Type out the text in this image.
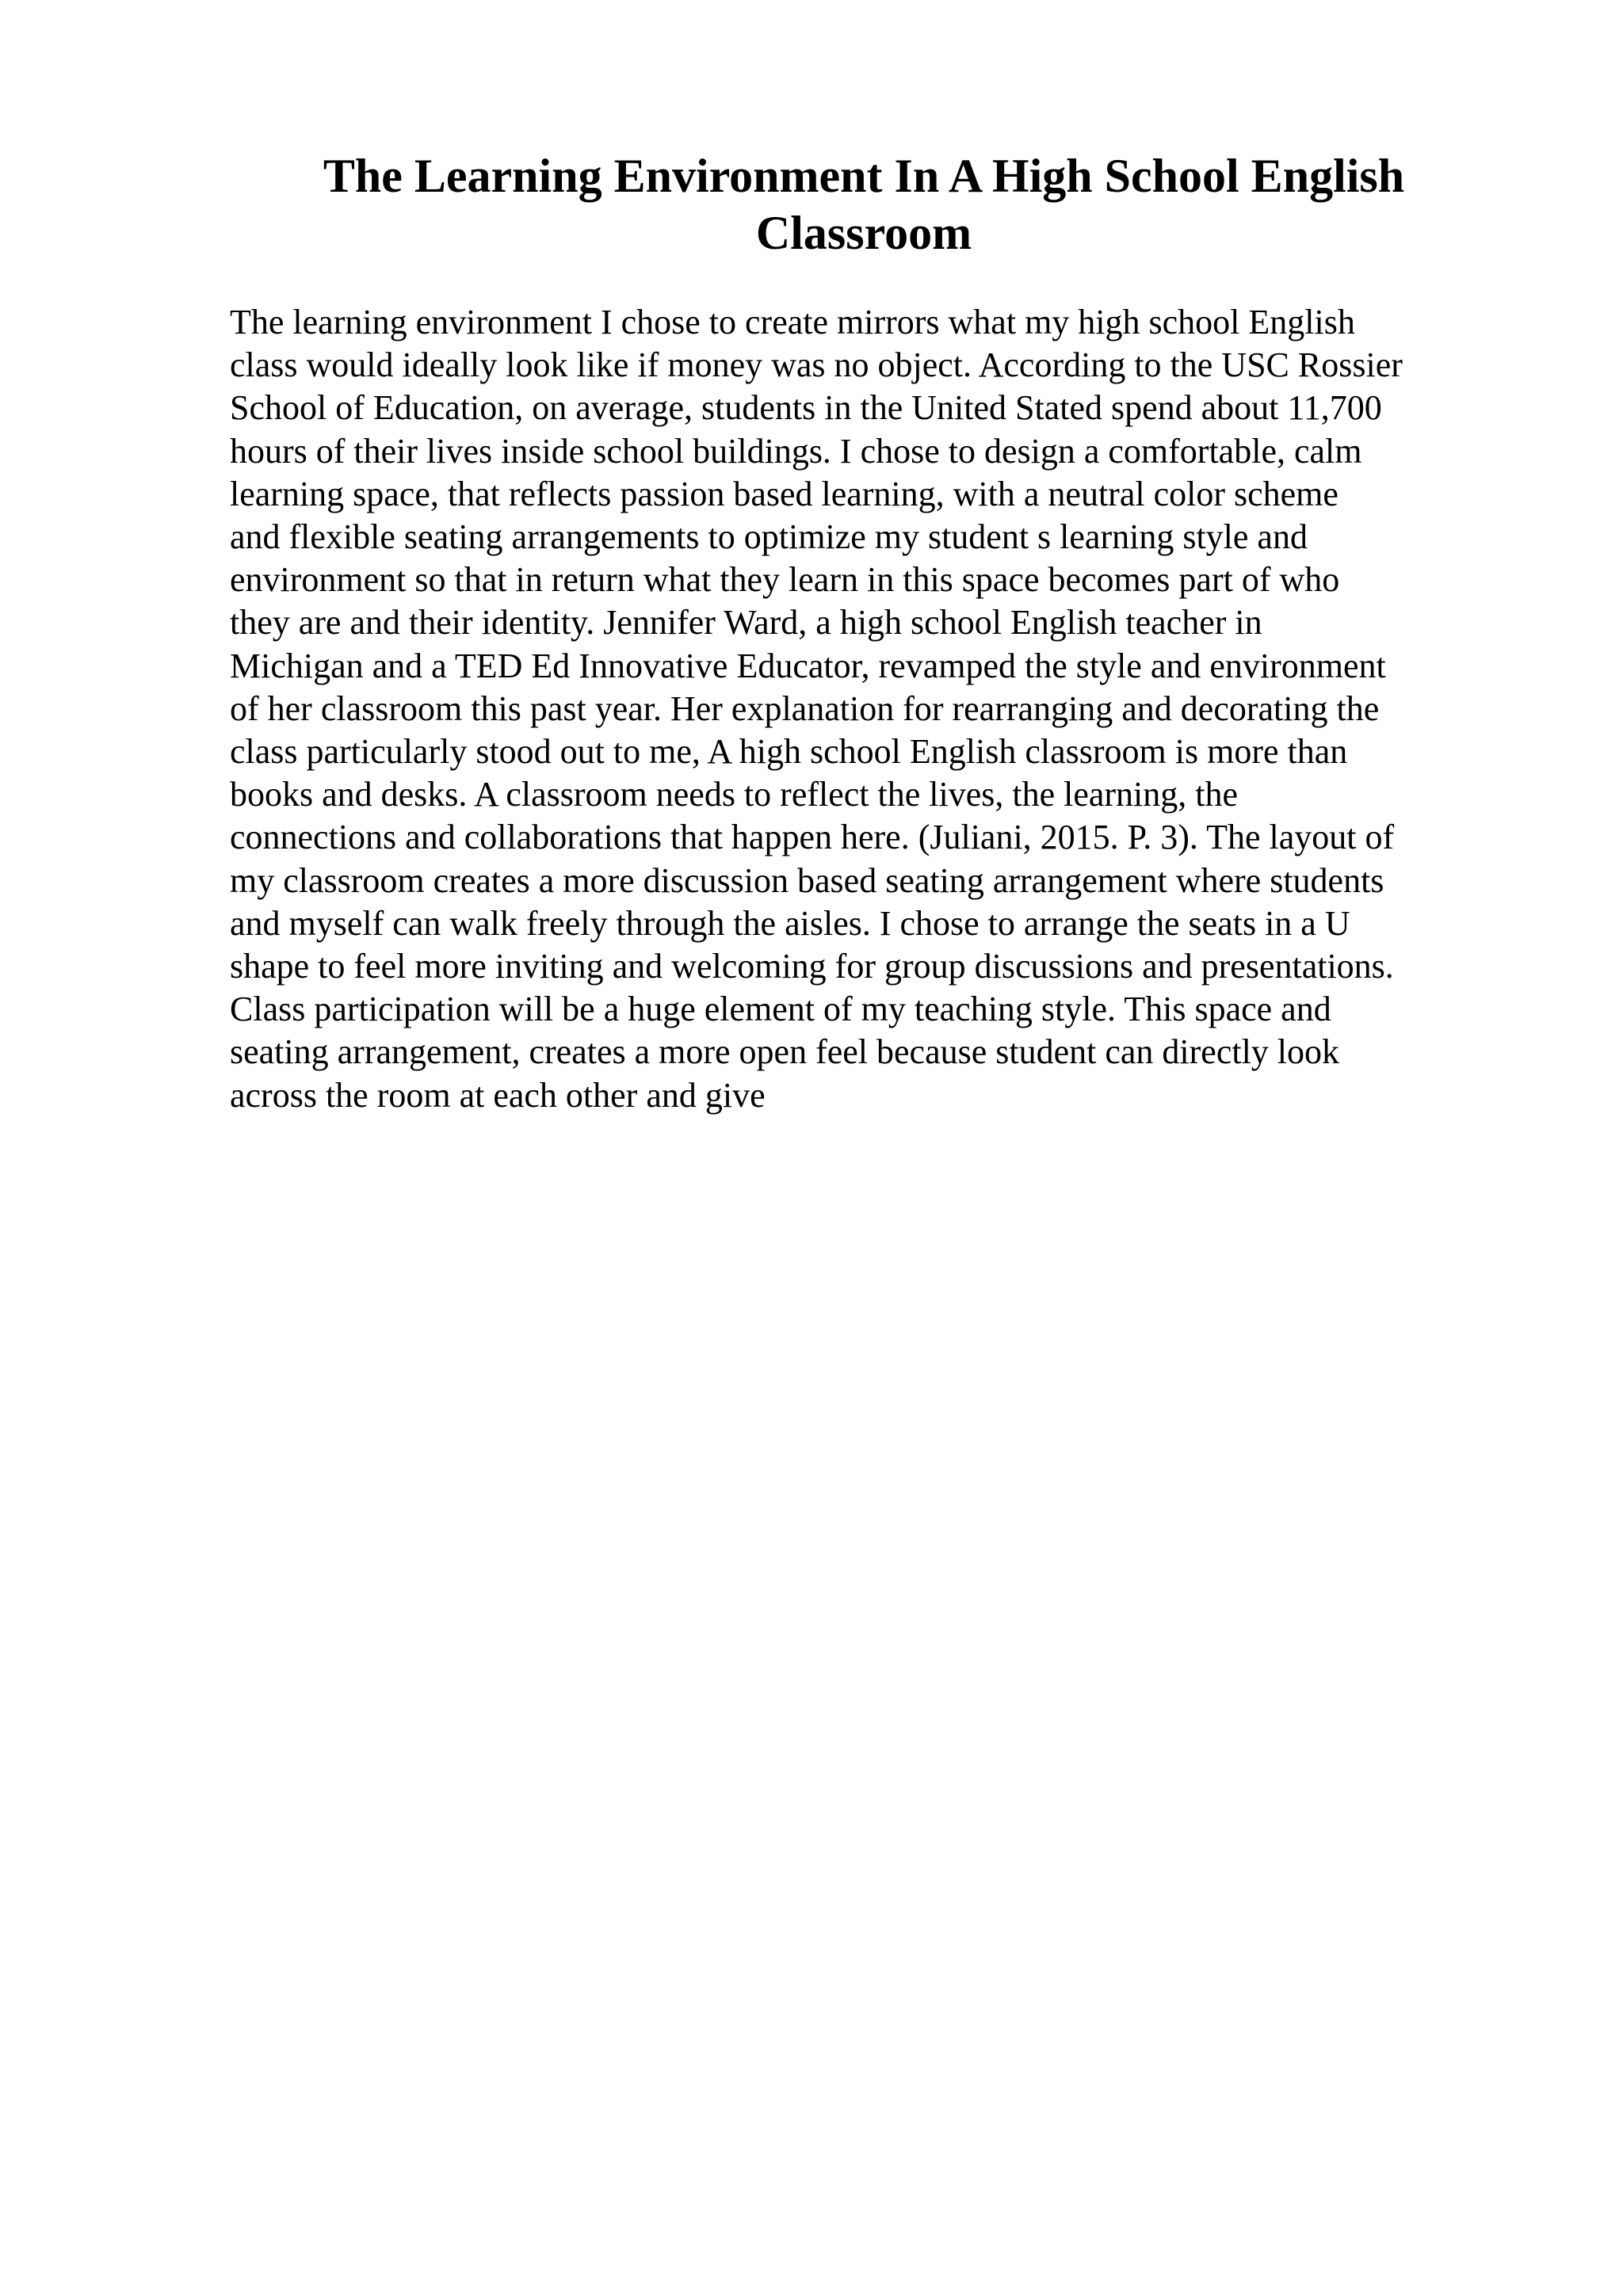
The Learning Environment In A High School English
Classroom
The learning environment I chose to create mirrors what my high school English
class would ideally look like if money was no object. According to the USC Rossier
School of Education, on average, students in the United Stated spend about 11,700
hours of their lives inside school buildings. I chose to design a comfortable, calm
learning space, that reflects passion based learning, with a neutral color scheme
and flexible seating arrangements to optimize my student s learning style and
environment so that in return what they learn in this space becomes part of who
they are and their identity. Jennifer Ward, a high school English teacher in
Michigan and a TED Ed Innovative Educator, revamped the style and environment
of her classroom this past year. Her explanation for rearranging and decorating the
class particularly stood out to me, A high school English classroom is more than
books and desks. A classroom needs to reflect the lives, the learning, the
connections and collaborations that happen here. (Juliani, 2015. P. 3). The layout of
my classroom creates a more discussion based seating arrangement where students
and myself can walk freely through the aisles. I chose to arrange the seats in a U
shape to feel more inviting and welcoming for group discussions and presentations.
Class participation will be a huge element of my teaching style. This space and
seating arrangement, creates a more open feel because student can directly look
across the room at each other and give
